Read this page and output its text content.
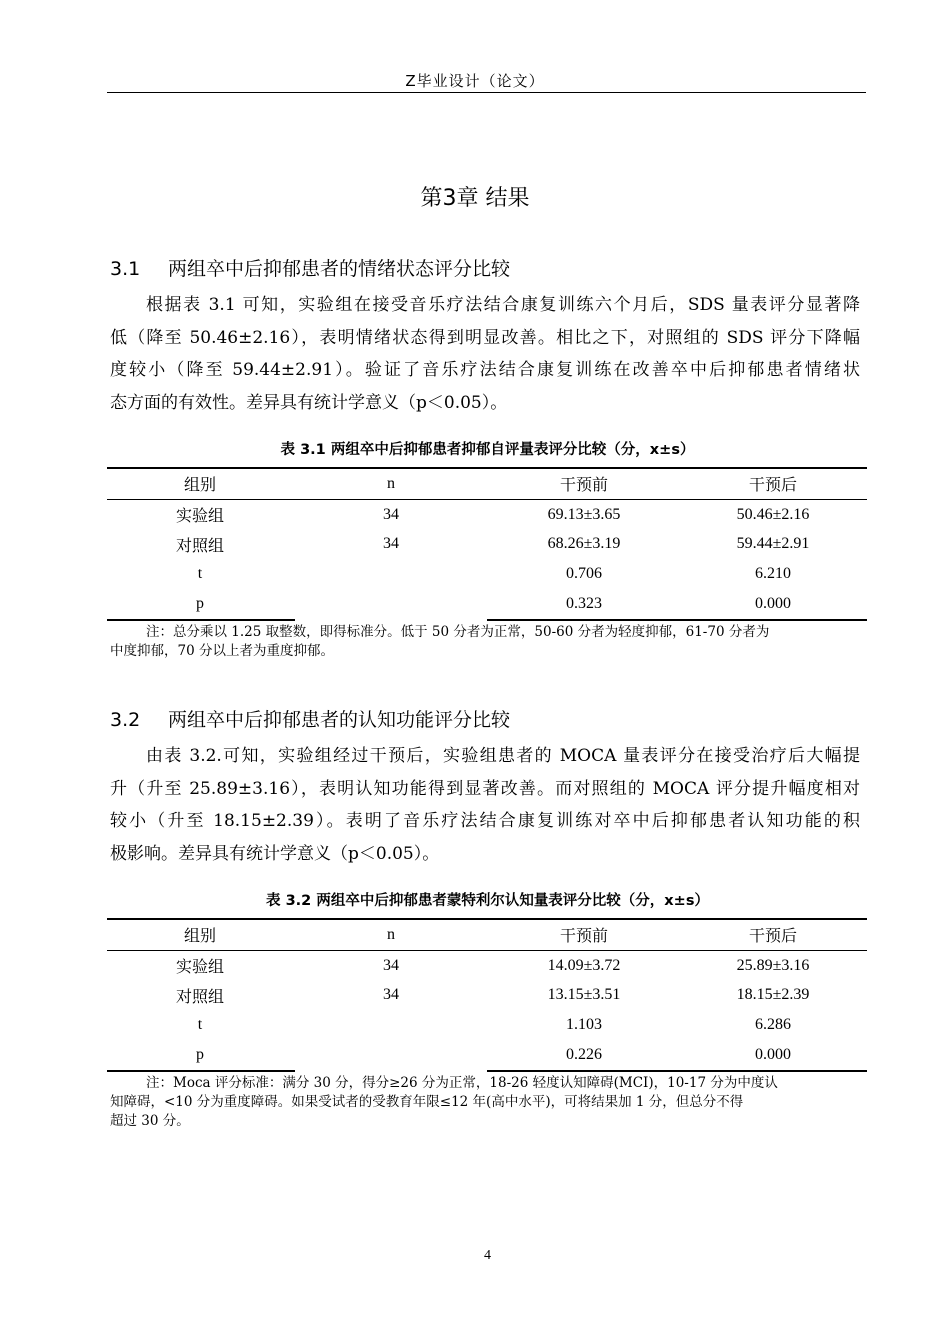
Z毕业设计（论文）
第3章 结果
3.1 两组卒中后抑郁患者的情绪状态评分比较
根据表 3.1 可知，实验组在接受音乐疗法结合康复训练六个月后，SDS 量表评分显著降
低（降至 50.46±2.16），表明情绪状态得到明显改善。相比之下，对照组的 SDS 评分下降幅
度较小（降至 59.44±2.91）。验证了音乐疗法结合康复训练在改善卒中后抑郁患者情绪状
态方面的有效性。差异具有统计学意义（p＜0.05）。
表 3.1 两组卒中后抑郁患者抑郁自评量表评分比较（分，x±s）
组别	n	干预前	干预后
实验组	34	69.13±3.65	50.46±2.16
对照组	34	68.26±3.19	59.44±2.91
t		0.706	6.210
p		0.323	0.000
注：总分乘以 1.25 取整数，即得标准分。低于 50 分者为正常，50-60 分者为轻度抑郁，61-70 分者为
中度抑郁，70 分以上者为重度抑郁。
3.2 两组卒中后抑郁患者的认知功能评分比较
由表 3.2.可知，实验组经过干预后，实验组患者的 MOCA 量表评分在接受治疗后大幅提
升（升至 25.89±3.16），表明认知功能得到显著改善。而对照组的 MOCA 评分提升幅度相对
较小（升至 18.15±2.39）。表明了音乐疗法结合康复训练对卒中后抑郁患者认知功能的积
极影响。差异具有统计学意义（p＜0.05）。
表 3.2 两组卒中后抑郁患者蒙特利尔认知量表评分比较（分，x±s）
组别	n	干预前	干预后
实验组	34	14.09±3.72	25.89±3.16
对照组	34	13.15±3.51	18.15±2.39
t		1.103	6.286
p		0.226	0.000
注：Moca 评分标准：满分 30 分，得分≥26 分为正常，18-26 轻度认知障碍(MCI)，10-17 分为中度认
知障碍，<10 分为重度障碍。如果受试者的受教育年限≤12 年(高中水平)，可将结果加 1 分，但总分不得
超过 30 分。
4
